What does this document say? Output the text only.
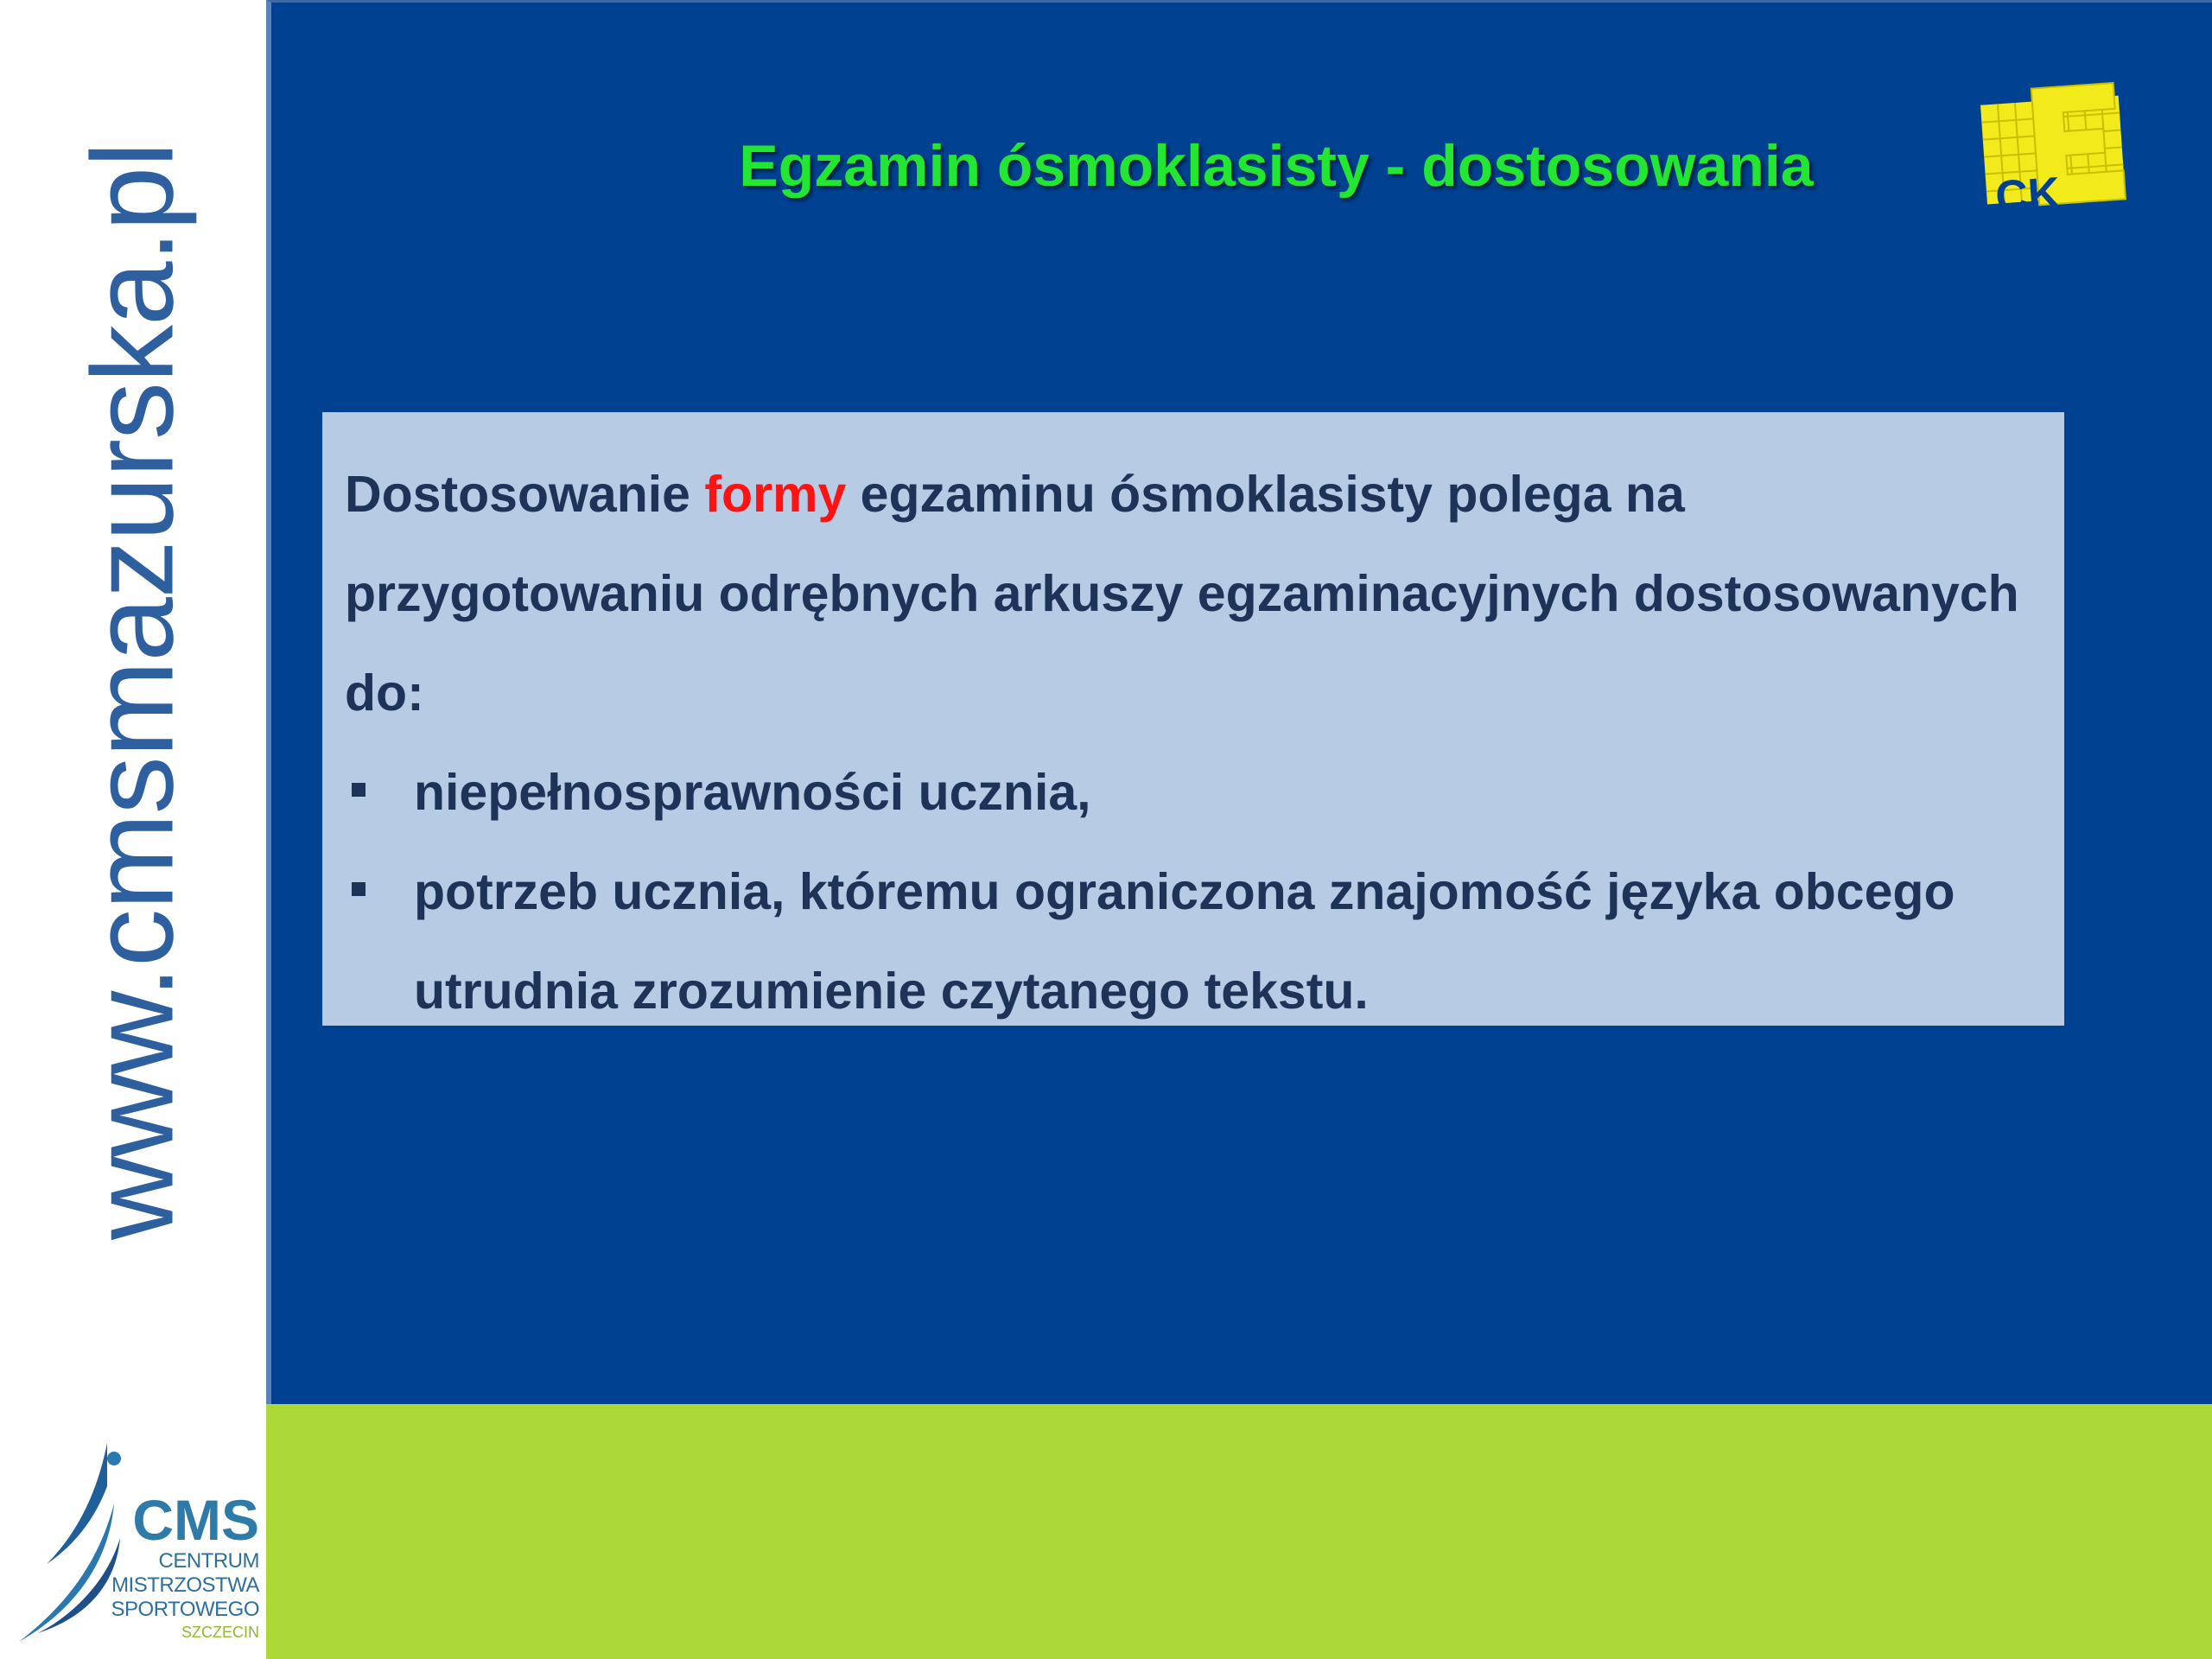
www.cmsmazurska.pl
CMS
CENTRUM
MISTRZOSTWA
SPORTOWEGO
SZCZECIN
Egzamin ósmoklasisty - dostosowania	CK

Dostosowanie formy egzaminu ósmoklasisty polega na przygotowaniu odrębnych arkuszy egzaminacyjnych dostosowanych do:

niepełnosprawności ucznia,
potrzeb ucznia, któremu ograniczona znajomość języka obcego utrudnia zrozumienie czytanego tekstu.
